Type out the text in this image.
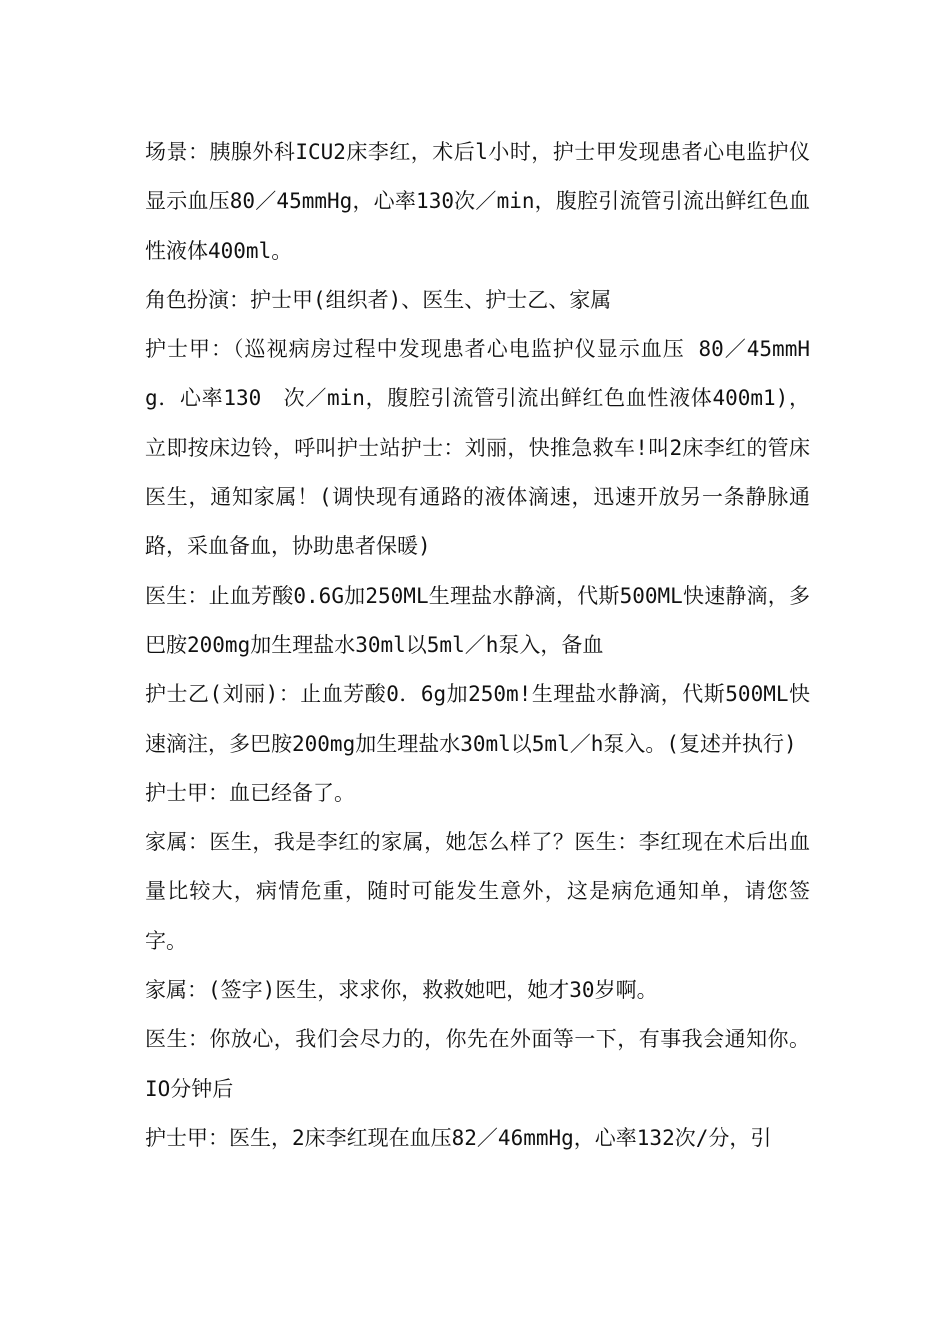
场景：胰腺外科ICU2床李红，术后l小时，护士甲发现患者心电监护仪显示血压80／45mmHg，心率130次／min，腹腔引流管引流出鲜红色血性液体400ml。

角色扮演：护士甲(组织者)、医生、护士乙、家属

护士甲：（巡视病房过程中发现患者心电监护仪显示血压 80／45mmHg．心率130　次／min，腹腔引流管引流出鲜红色血性液体400m1)，立即按床边铃，呼叫护士站护士：刘丽，快推急救车!叫2床李红的管床医生，通知家属！(调快现有通路的液体滴速，迅速开放另一条静脉通路，采血备血，协助患者保暖)

医生：止血芳酸0.6G加250ML生理盐水静滴，代斯500ML快速静滴，多巴胺200mg加生理盐水30ml以5ml／h泵入，备血

护士乙(刘丽)：止血芳酸0．6g加250m!生理盐水静滴，代斯500ML快速滴注，多巴胺200mg加生理盐水30ml以5ml／h泵入。(复述并执行)

护士甲：血已经备了。

家属：医生，我是李红的家属，她怎么样了？医生：李红现在术后出血量比较大，病情危重，随时可能发生意外，这是病危通知单，请您签字。

家属：(签字)医生，求求你，救救她吧，她才30岁啊。

医生：你放心，我们会尽力的，你先在外面等一下，有事我会通知你。 IO分钟后

护士甲：医生，2床李红现在血压82／46mmHg，心率132次/分，引
